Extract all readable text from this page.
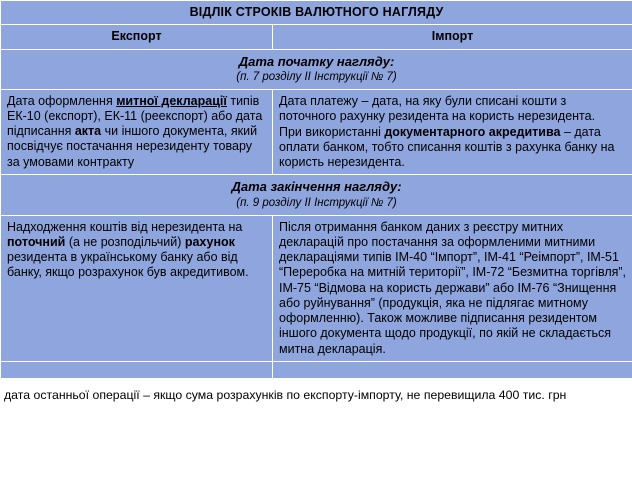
ВІДЛІК СТРОКІВ ВАЛЮТНОГО НАГЛЯДУ	
Експорт	Імпорт

Дата початку нагляду:
(п. 7 розділу II Інструкції № 7)	

Дата оформлення митної декларації типів ЕК-10 (експорт), ЕК-11 (реекспорт) або дата підписання акта чи іншого документа, який посвідчує постачання нерезиденту товару за умовами контракту	Дата платежу – дата, на яку були списані кошти з поточного рахунку резидента на користь нерезидента.

При використанні документарного акредитива – дата оплати банком, тобто списання коштів з рахунка банку на користь нерезидента.

Дата закінчення нагляду:
(п. 9 розділу II Інструкції № 7)	

Надходження коштів від нерезидента на поточний (а не розподільчий) рахунок резидента в українському банку або від банку, якщо розрахунок був акредитивом.	Після отримання банком даних з реєстру митних декларацій про постачання за оформленими митними деклараціями типів ІМ-40 “Імпорт”, ІМ-41 “Реімпорт”, ІМ-51 “Переробка на митній території”, ІМ-72 “Безмитна торгівля”, ІМ-75 “Відмова на користь держави” або ІМ-76 “Знищення або руйнування” (продукція, яка не підлягає митному оформленню). Також можливе підписання резидентом іншого документа щодо продукції, по якій не складається митна декларація.

дата останньої операції – якщо сума розрахунків по експорту-імпорту, не перевищила 400 тис. грн
